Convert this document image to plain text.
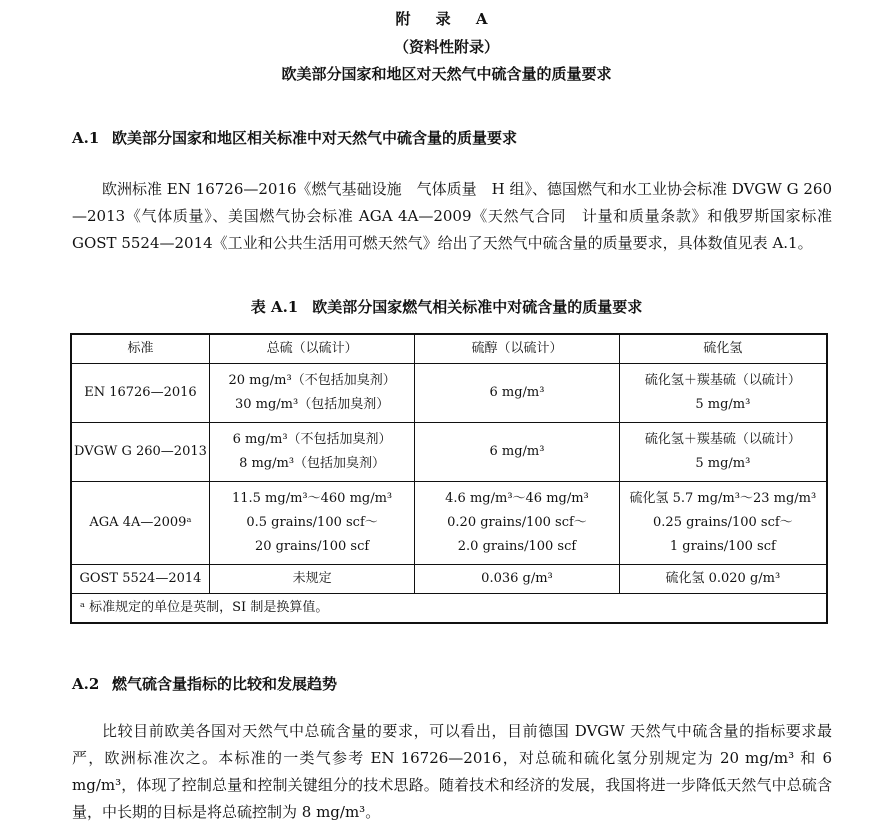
附 录 A
（资料性附录）
欧美部分国家和地区对天然气中硫含量的质量要求
A.1 欧美部分国家和地区相关标准中对天然气中硫含量的质量要求
欧洲标准 EN 16726—2016《燃气基础设施　气体质量　H 组》、德国燃气和水工业协会标准 DVGW G 260—2013《气体质量》、美国燃气协会标准 AGA 4A—2009《天然气合同　计量和质量条款》和俄罗斯国家标准 GOST 5524—2014《工业和公共生活用可燃天然气》给出了天然气中硫含量的质量要求，具体数值见表 A.1。
表 A.1 欧美部分国家燃气相关标准中对硫含量的质量要求
标准	总硫（以硫计）	硫醇（以硫计）	硫化氢
EN 16726—2016	20 mg/m³（不包括加臭剂）
30 mg/m³（包括加臭剂）	6 mg/m³	硫化氢＋羰基硫（以硫计）
5 mg/m³

DVGW G 260—2013	6 mg/m³（不包括加臭剂）
8 mg/m³（包括加臭剂）	6 mg/m³	硫化氢＋羰基硫（以硫计）
5 mg/m³

AGA 4A—2009ᵃ	11.5 mg/m³～460 mg/m³
0.5 grains/100 scf～
20 grains/100 scf	4.6 mg/m³～46 mg/m³
0.20 grains/100 scf～
2.0 grains/100 scf	硫化氢 5.7 mg/m³～23 mg/m³
0.25 grains/100 scf～
1 grains/100 scf

GOST 5524—2014	未规定	0.036 g/m³	硫化氢 0.020 g/m³

ᵃ 标准规定的单位是英制，SI 制是换算值。			
A.2 燃气硫含量指标的比较和发展趋势
比较目前欧美各国对天然气中总硫含量的要求，可以看出，目前德国 DVGW 天然气中硫含量的指标要求最严，欧洲标准次之。本标准的一类气参考 EN 16726—2016，对总硫和硫化氢分别规定为 20 mg/m³ 和 6 mg/m³，体现了控制总量和控制关键组分的技术思路。随着技术和经济的发展，我国将进一步降低天然气中总硫含量，中长期的目标是将总硫控制为 8 mg/m³。
